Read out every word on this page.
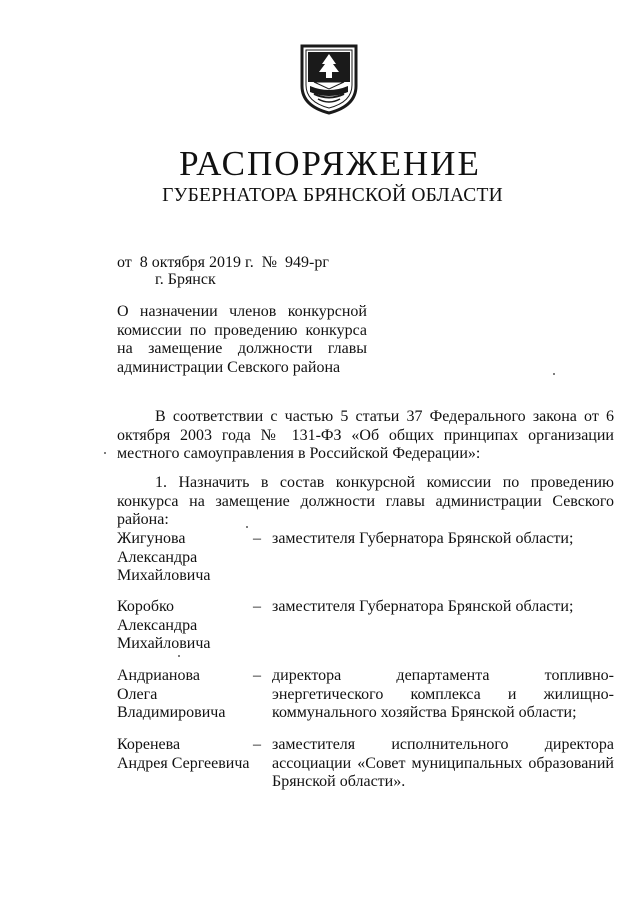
РАСПОРЯЖЕНИЕ
ГУБЕРНАТОРА БРЯНСКОЙ ОБЛАСТИ
от  8 октября 2019 г.  №  949-рг
г. Брянск
О назначении членов конкурсной комиссии по проведению конкурса на замещение должности главы администрации Севского района
В соответствии с частью 5 статьи 37 Федерального закона от 6 октября 2003 года № 131-ФЗ «Об общих принципах организации местного самоуправления в Российской Федерации»:
1. Назначить в состав конкурсной комиссии по проведению конкурса на замещение должности главы администрации Севского района:
Жигунова
Александра
Михайловича
– заместителя Губернатора Брянской области;
Коробко
Александра
Михайловича
– заместителя Губернатора Брянской области;
Андрианова
Олега
Владимировича
– директора департамента топливно-энергетического комплекса и жилищно-коммунального хозяйства Брянской области;
Коренева
Андрея Сергеевича
– заместителя исполнительного директора ассоциации «Совет муниципальных образований Брянской области».
